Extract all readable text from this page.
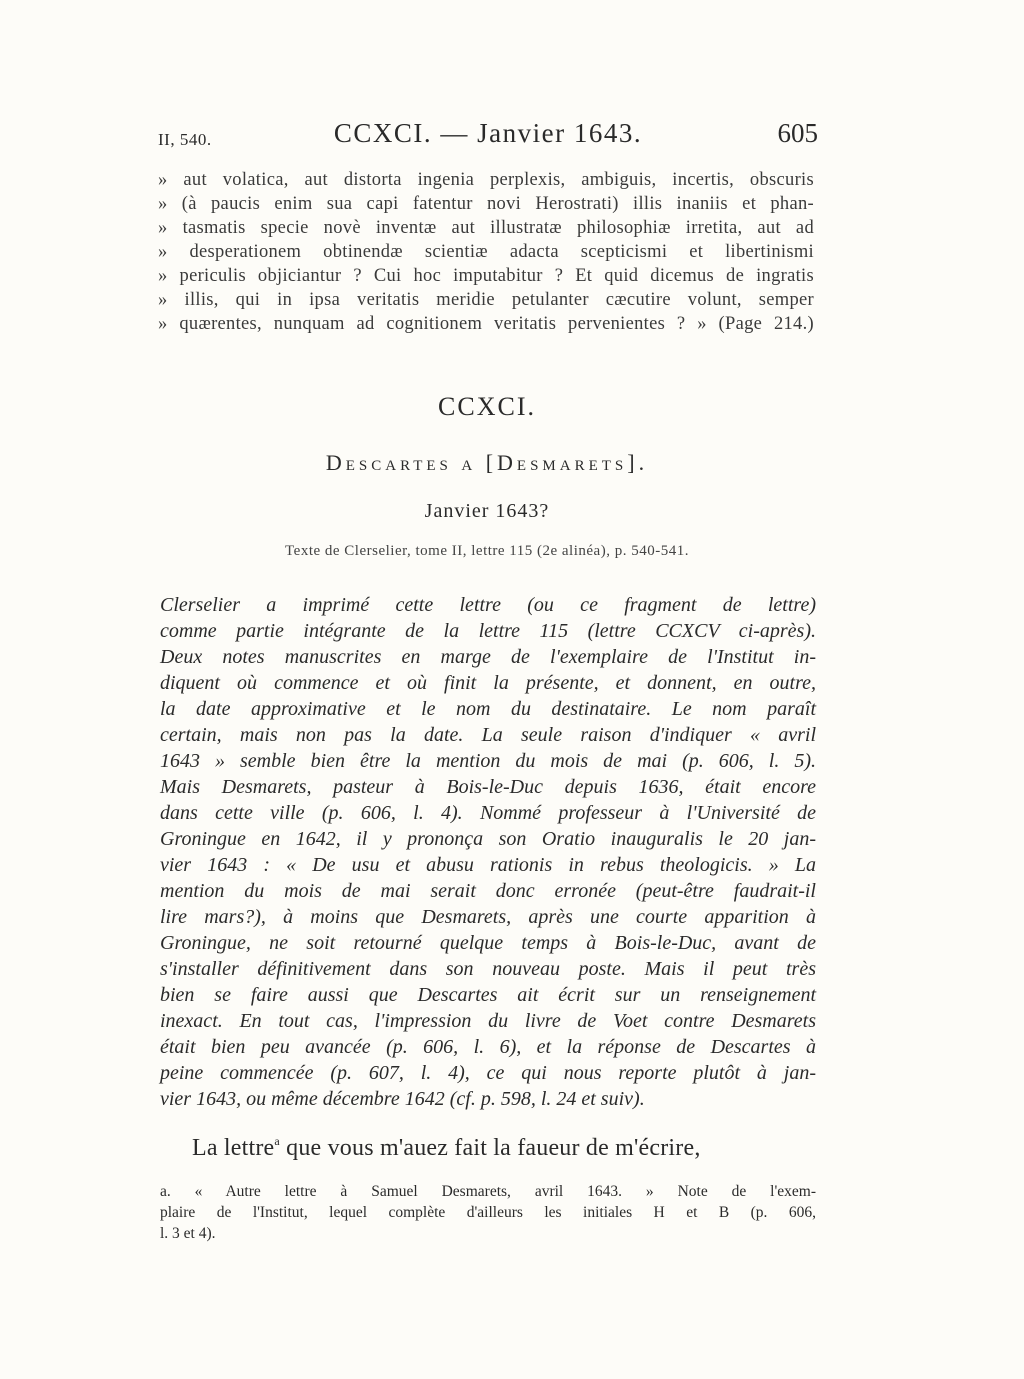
II, 540.	CCXCI. — Janvier 1643.	605
» aut volatica, aut distorta ingenia perplexis, ambiguis, incertis, obscuris
» (à paucis enim sua capi fatentur novi Herostrati) illis inaniis et phan-
» tasmatis specie novè inventæ aut illustratæ philosophiæ irretita, aut ad
» desperationem obtinendæ scientiæ adacta scepticismi et libertinismi
» periculis objiciantur ? Cui hoc imputabitur ? Et quid dicemus de ingratis
» illis, qui in ipsa veritatis meridie petulanter cæcutire volunt, semper
» quærentes, nunquam ad cognitionem veritatis pervenientes ? » (Page 214.)
CCXCI.
Descartes a [Desmarets].
Janvier 1643?
Texte de Clerselier, tome II, lettre 115 (2e alinéa), p. 540-541.
Clerselier a imprimé cette lettre (ou ce fragment de lettre)
comme partie intégrante de la lettre 115 (lettre CCXCV ci-après).
Deux notes manuscrites en marge de l'exemplaire de l'Institut in-
diquent où commence et où finit la présente, et donnent, en outre,
la date approximative et le nom du destinataire. Le nom paraît
certain, mais non pas la date. La seule raison d'indiquer « avril
1643 » semble bien être la mention du mois de mai (p. 606, l. 5).
Mais Desmarets, pasteur à Bois-le-Duc depuis 1636, était encore
dans cette ville (p. 606, l. 4). Nommé professeur à l'Université de
Groningue en 1642, il y prononça son Oratio inauguralis le 20 jan-
vier 1643 : « De usu et abusu rationis in rebus theologicis. » La
mention du mois de mai serait donc erronée (peut-être faudrait-il
lire mars?), à moins que Desmarets, après une courte apparition à
Groningue, ne soit retourné quelque temps à Bois-le-Duc, avant de
s'installer définitivement dans son nouveau poste. Mais il peut très
bien se faire aussi que Descartes ait écrit sur un renseignement
inexact. En tout cas, l'impression du livre de Voet contre Desmarets
était bien peu avancée (p. 606, l. 6), et la réponse de Descartes à
peine commencée (p. 607, l. 4), ce qui nous reporte plutôt à jan-
vier 1643, ou même décembre 1642 (cf. p. 598, l. 24 et suiv).
La lettre$^a$ que vous m'auez fait la faueur de m'écrire,
a. « Autre lettre à Samuel Desmarets, avril 1643. » Note de l'exem-
plaire de l'Institut, lequel complète d'ailleurs les initiales H et B (p. 606,
l. 3 et 4).
